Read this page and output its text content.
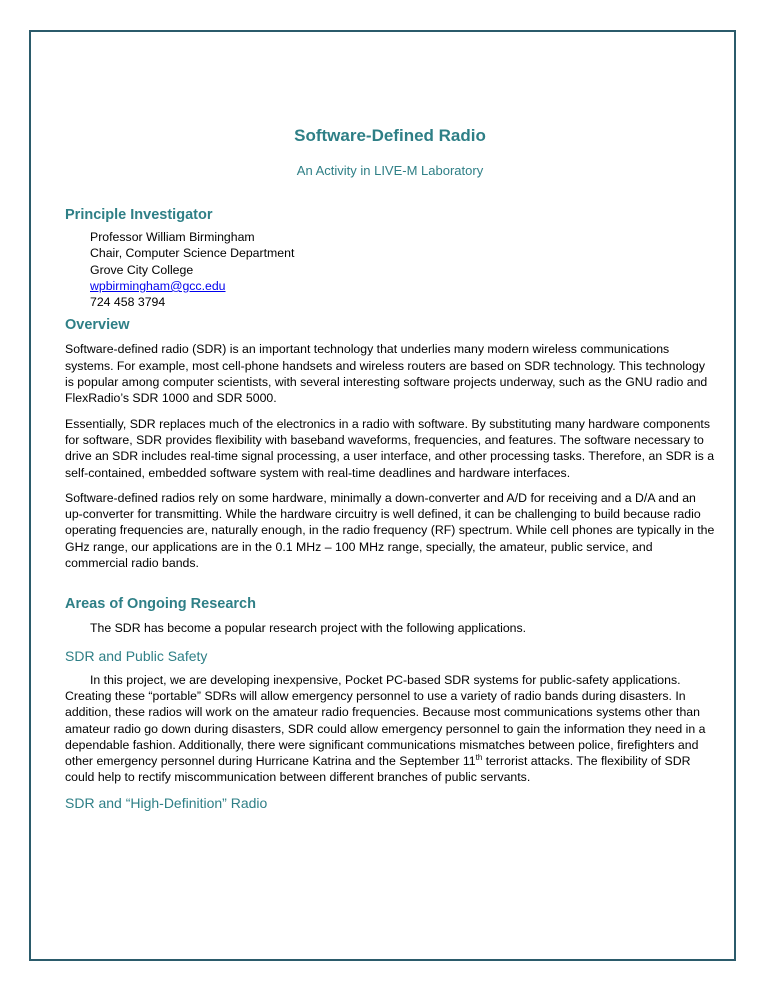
Software-Defined Radio
An Activity in LIVE-M Laboratory
Principle Investigator
Professor William Birmingham
Chair, Computer Science Department
Grove City College
wpbirmingham@gcc.edu
724 458 3794
Overview

Software-defined radio (SDR) is an important technology that underlies many modern wireless communications systems. For example, most cell-phone handsets and wireless routers are based on SDR technology. This technology is popular among computer scientists, with several interesting software projects underway, such as the GNU radio and FlexRadio’s SDR 1000 and SDR 5000.

Essentially, SDR replaces much of the electronics in a radio with software. By substituting many hardware components for software, SDR provides flexibility with baseband waveforms, frequencies, and features. The software necessary to drive an SDR includes real-time signal processing, a user interface, and other processing tasks. Therefore, an SDR is a self-contained, embedded software system with real-time deadlines and hardware interfaces.

Software-defined radios rely on some hardware, minimally a down-converter and A/D for receiving and a D/A and an up-converter for transmitting. While the hardware circuitry is well defined, it can be challenging to build because radio operating frequencies are, naturally enough, in the radio frequency (RF) spectrum. While cell phones are typically in the GHz range, our applications are in the 0.1 MHz – 100 MHz range, specially, the amateur, public service, and commercial radio bands.

Areas of Ongoing Research

The SDR has become a popular research project with the following applications.

SDR and Public Safety

In this project, we are developing inexpensive, Pocket PC-based SDR systems for public-safety applications. Creating these “portable” SDRs will allow emergency personnel to use a variety of radio bands during disasters. In addition, these radios will work on the amateur radio frequencies. Because most communications systems other than amateur radio go down during disasters, SDR could allow emergency personnel to gain the information they need in a dependable fashion. Additionally, there were significant communications mismatches between police, firefighters and other emergency personnel during Hurricane Katrina and the September 11th terrorist attacks. The flexibility of SDR could help to rectify miscommunication between different branches of public servants.

SDR and “High-Definition” Radio
